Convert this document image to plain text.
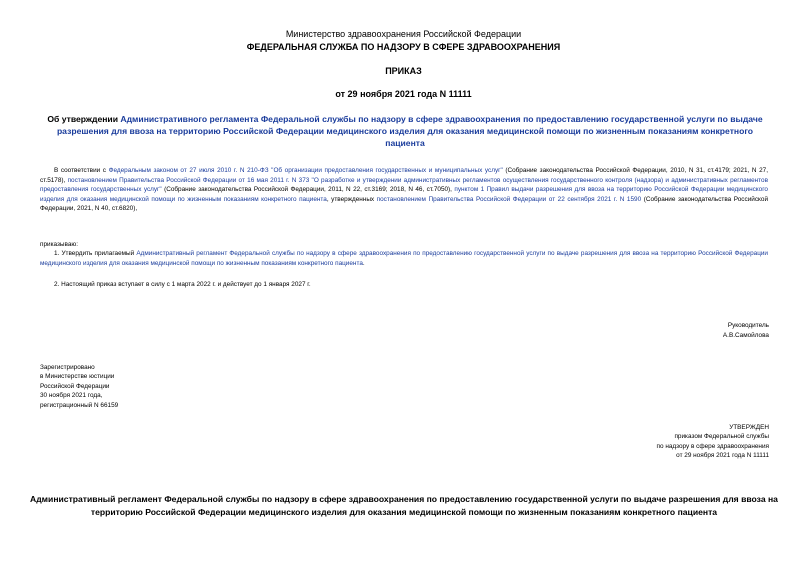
Министерство здравоохранения Российской Федерации
ФЕДЕРАЛЬНАЯ СЛУЖБА ПО НАДЗОРУ В СФЕРЕ ЗДРАВООХРАНЕНИЯ
ПРИКАЗ
от 29 ноября 2021 года N 11111
Об утверждении Административного регламента Федеральной службы по надзору в сфере здравоохранения по предоставлению государственной услуги по выдаче разрешения для ввоза на территорию Российской Федерации медицинского изделия для оказания медицинской помощи по жизненным показаниям конкретного пациента
В соответствии с Федеральным законом от 27 июля 2010 г. N 210-ФЗ "Об организации предоставления государственных и муниципальных услуг" (Собрание законодательства Российской Федерации, 2010, N 31, ст.4179; 2021, N 27, ст.5178), постановлением Правительства Российской Федерации от 16 мая 2011 г. N 373 "О разработке и утверждении административных регламентов осуществления государственного контроля (надзора) и административных регламентов предоставления государственных услуг" (Собрание законодательства Российской Федерации, 2011, N 22, ст.3169; 2018, N 46, ст.7050), пунктом 1 Правил выдачи разрешения для ввоза на территорию Российской Федерации медицинского изделия для оказания медицинской помощи по жизненным показаниям конкретного пациента, утвержденных постановлением Правительства Российской Федерации от 22 сентября 2021 г. N 1590 (Собрание законодательства Российской Федерации, 2021, N 40, ст.6820),
приказываю:
1. Утвердить прилагаемый Административный регламент Федеральной службы по надзору в сфере здравоохранения по предоставлению государственной услуги по выдаче разрешения для ввоза на территорию Российской Федерации медицинского изделия для оказания медицинской помощи по жизненным показаниям конкретного пациента.
2. Настоящий приказ вступает в силу с 1 марта 2022 г. и действует до 1 января 2027 г.
Руководитель
А.В.Самойлова
Зарегистрировано
в Министерстве юстиции
Российской Федерации
30 ноября 2021 года,
регистрационный N 66159
УТВЕРЖДЕН
приказом Федеральной службы
по надзору в сфере здравоохранения
от 29 ноября 2021 года N 11111
Административный регламент Федеральной службы по надзору в сфере здравоохранения по предоставлению государственной услуги по выдаче разрешения для ввоза на территорию Российской Федерации медицинского изделия для оказания медицинской помощи по жизненным показаниям конкретного пациента
